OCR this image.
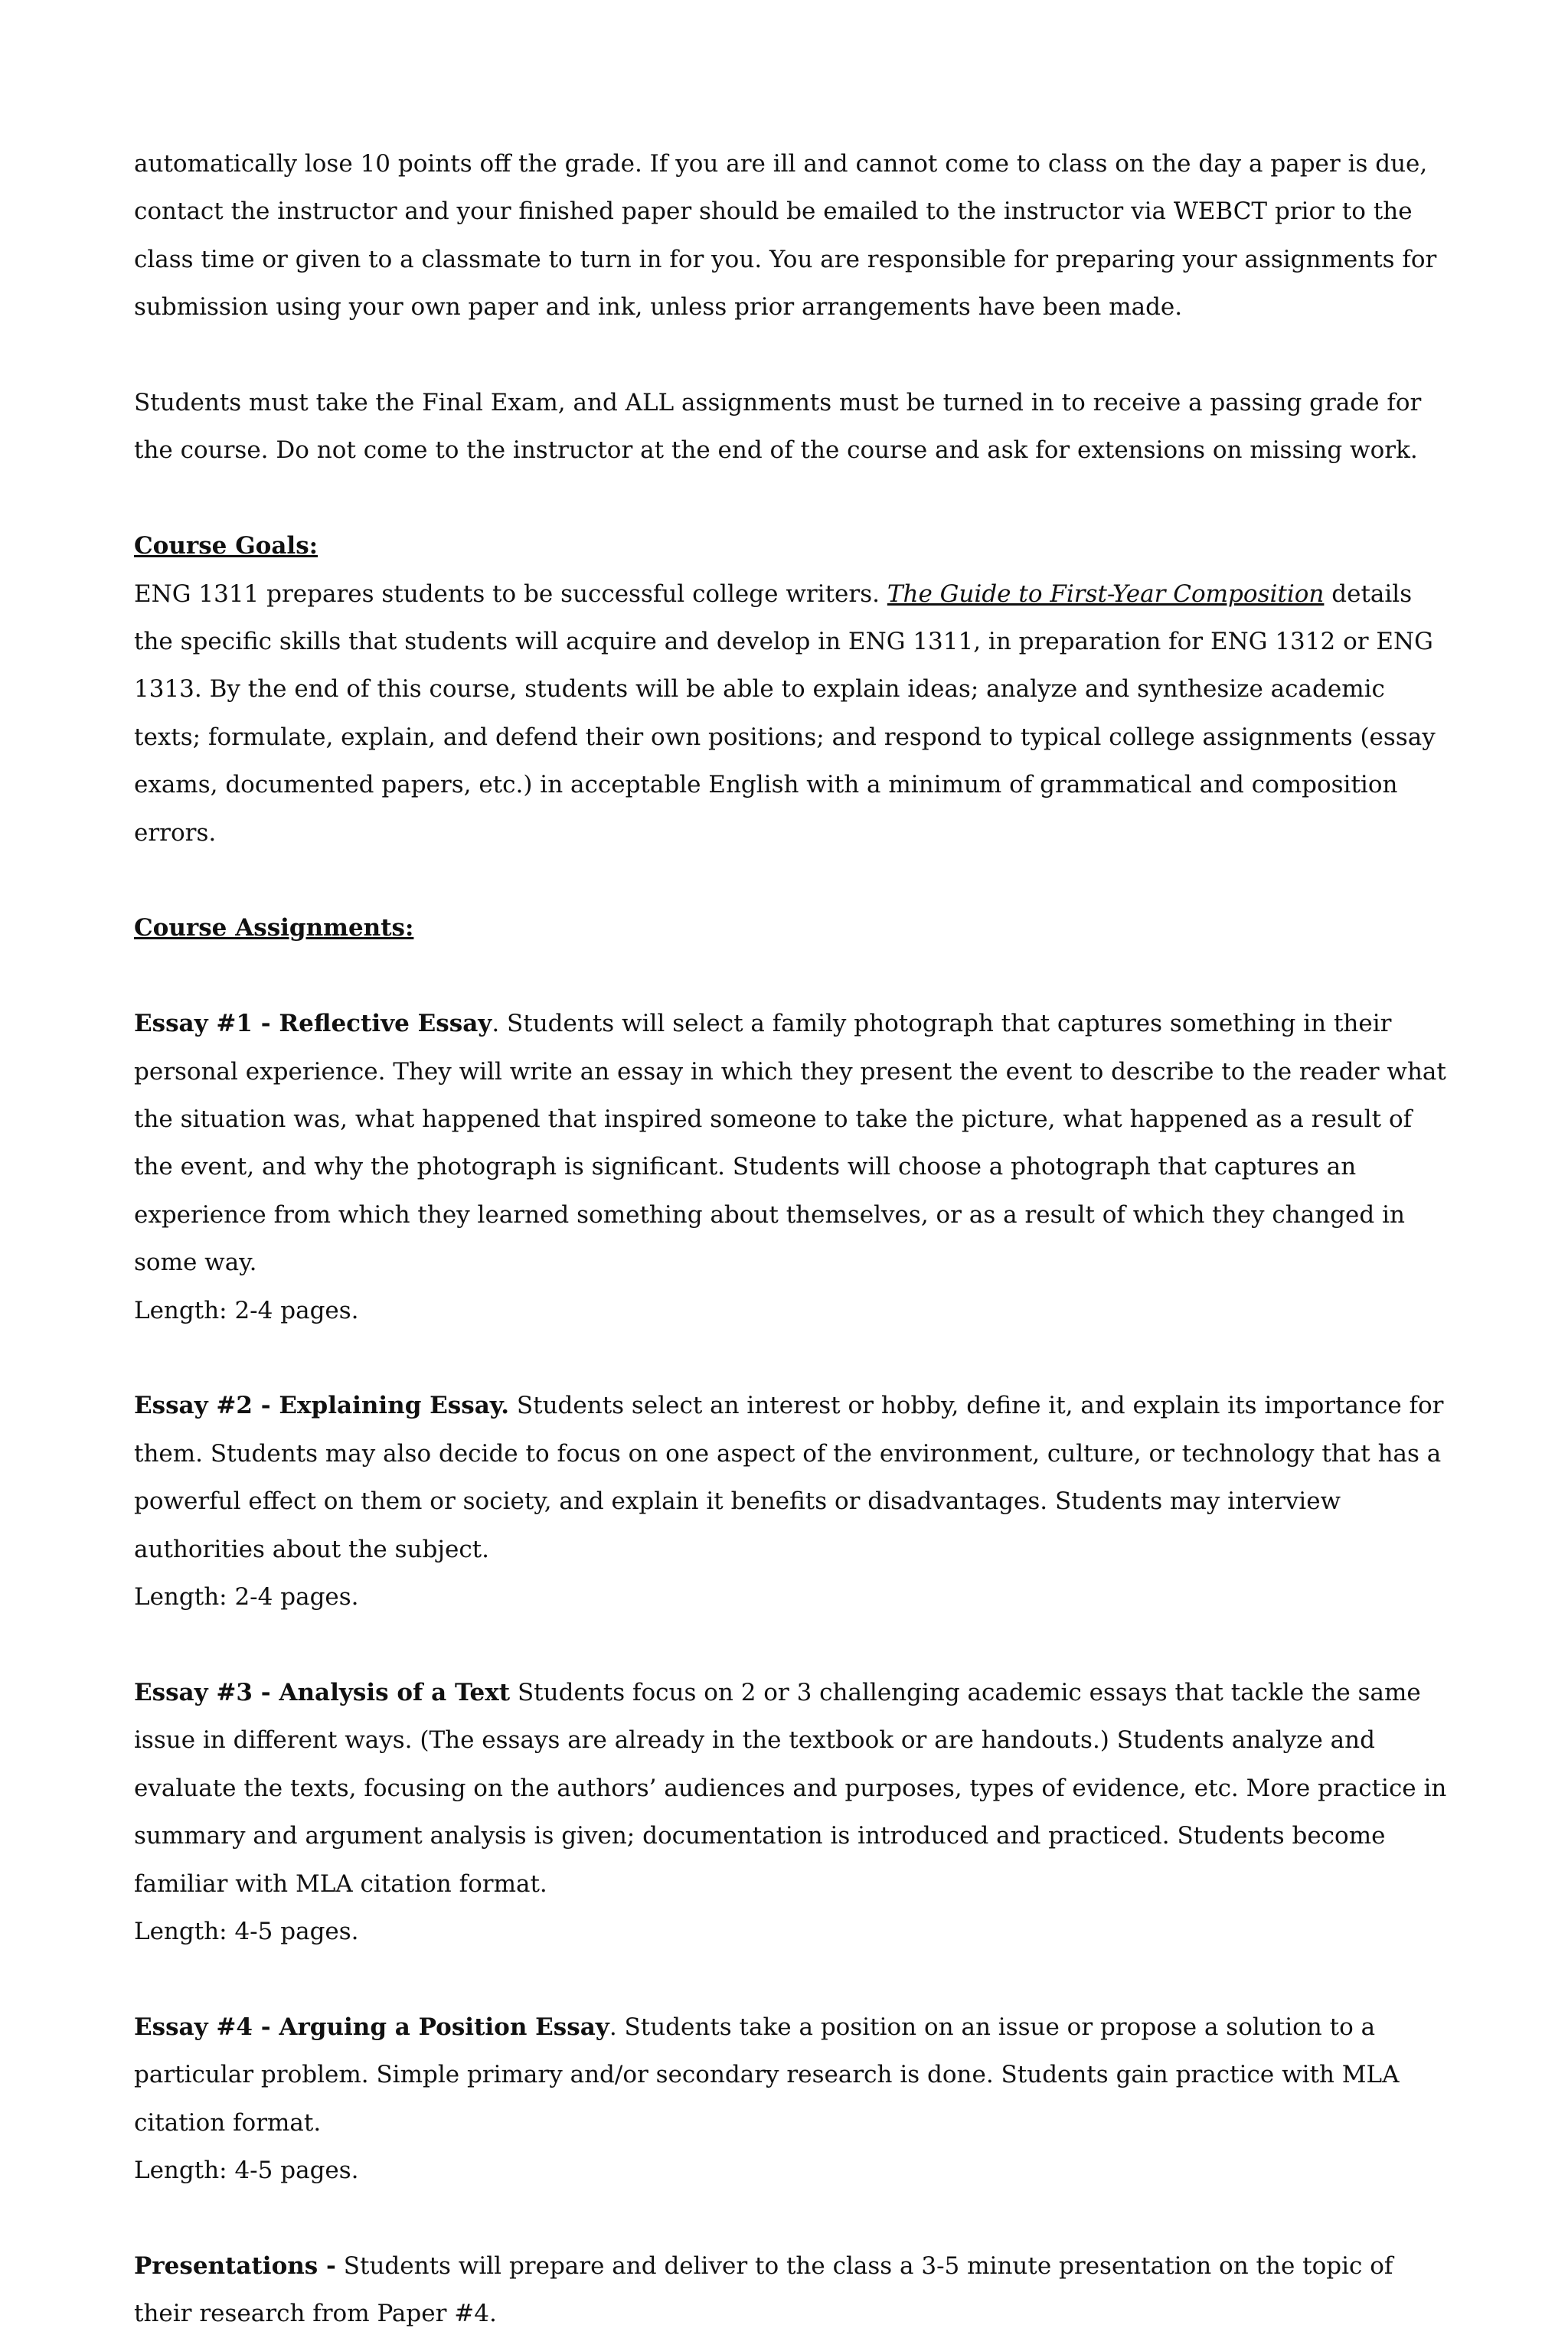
automatically lose 10 points off the grade. If you are ill and cannot come to class on the day a paper is due, contact the instructor and your finished paper should be emailed to the instructor via WEBCT prior to the class time or given to a classmate to turn in for you. You are responsible for preparing your assignments for submission using your own paper and ink, unless prior arrangements have been made.

Students must take the Final Exam, and ALL assignments must be turned in to receive a passing grade for the course. Do not come to the instructor at the end of the course and ask for extensions on missing work.

Course Goals:

ENG 1311 prepares students to be successful college writers. The Guide to First-Year Composition details the specific skills that students will acquire and develop in ENG 1311, in preparation for ENG 1312 or ENG 1313. By the end of this course, students will be able to explain ideas; analyze and synthesize academic texts; formulate, explain, and defend their own positions; and respond to typical college assignments (essay exams, documented papers, etc.) in acceptable English with a minimum of grammatical and composition errors.

Course Assignments:

Essay #1 - Reflective Essay. Students will select a family photograph that captures something in their personal experience. They will write an essay in which they present the event to describe to the reader what the situation was, what happened that inspired someone to take the picture, what happened as a result of the event, and why the photograph is significant. Students will choose a photograph that captures an experience from which they learned something about themselves, or as a result of which they changed in some way.

Length: 2-4 pages.

Essay #2 - Explaining Essay. Students select an interest or hobby, define it, and explain its importance for them. Students may also decide to focus on one aspect of the environment, culture, or technology that has a powerful effect on them or society, and explain it benefits or disadvantages. Students may interview authorities about the subject.

Length: 2-4 pages.

Essay #3 - Analysis of a Text Students focus on 2 or 3 challenging academic essays that tackle the same issue in different ways. (The essays are already in the textbook or are handouts.) Students analyze and evaluate the texts, focusing on the authors’ audiences and purposes, types of evidence, etc. More practice in summary and argument analysis is given; documentation is introduced and practiced. Students become familiar with MLA citation format.

Length: 4-5 pages.

Essay #4 - Arguing a Position Essay. Students take a position on an issue or propose a solution to a particular problem. Simple primary and/or secondary research is done. Students gain practice with MLA citation format.

Length: 4-5 pages.

Presentations - Students will prepare and deliver to the class a 3-5 minute presentation on the topic of their research from Paper #4.
